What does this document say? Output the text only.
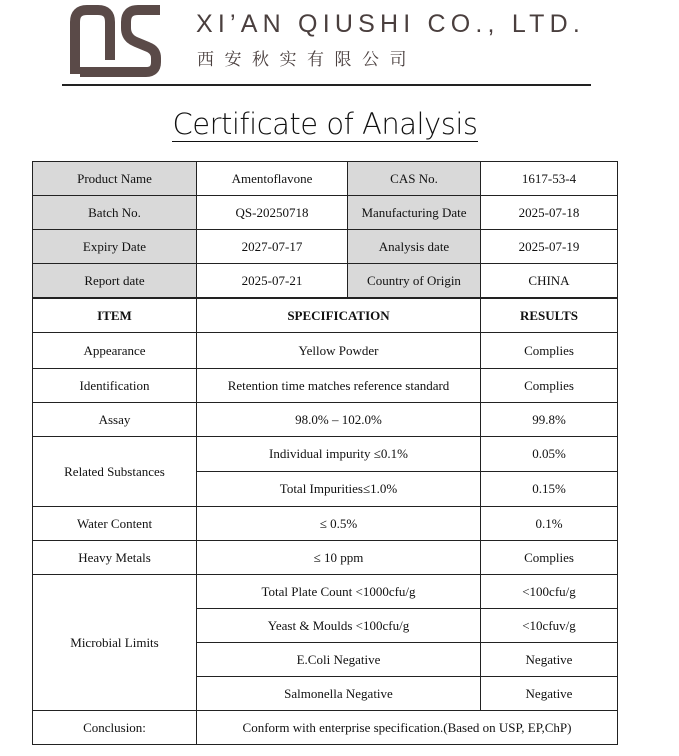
XI’AN QIUSHI CO., LTD.
西安秋实有限公司
Certificate of Analysis
Product Name	Amentoflavone	CAS No.	1617-53-4
Batch No.	QS-20250718	Manufacturing Date	2025-07-18
Expiry Date	2027-07-17	Analysis date	2025-07-19
Report date	2025-07-21	Country of Origin	CHINA
ITEM	SPECIFICATION	RESULTS
Appearance	Yellow Powder	Complies
Identification	Retention time matches reference standard	Complies
Assay	98.0% – 102.0%	99.8%
Related Substances	Individual impurity ≤0.1%	0.05%
	Total Impurities≤1.0%	0.15%
Water Content	≤ 0.5%	0.1%
Heavy Metals	≤ 10 ppm	Complies
Microbial Limits	Total Plate Count <1000cfu/g	<100cfu/g
	Yeast & Moulds <100cfu/g	<10cfuv/g
	E.Coli Negative	Negative
	Salmonella Negative	Negative
Conclusion:	Conform with enterprise specification.(Based on USP, EP,ChP)	
